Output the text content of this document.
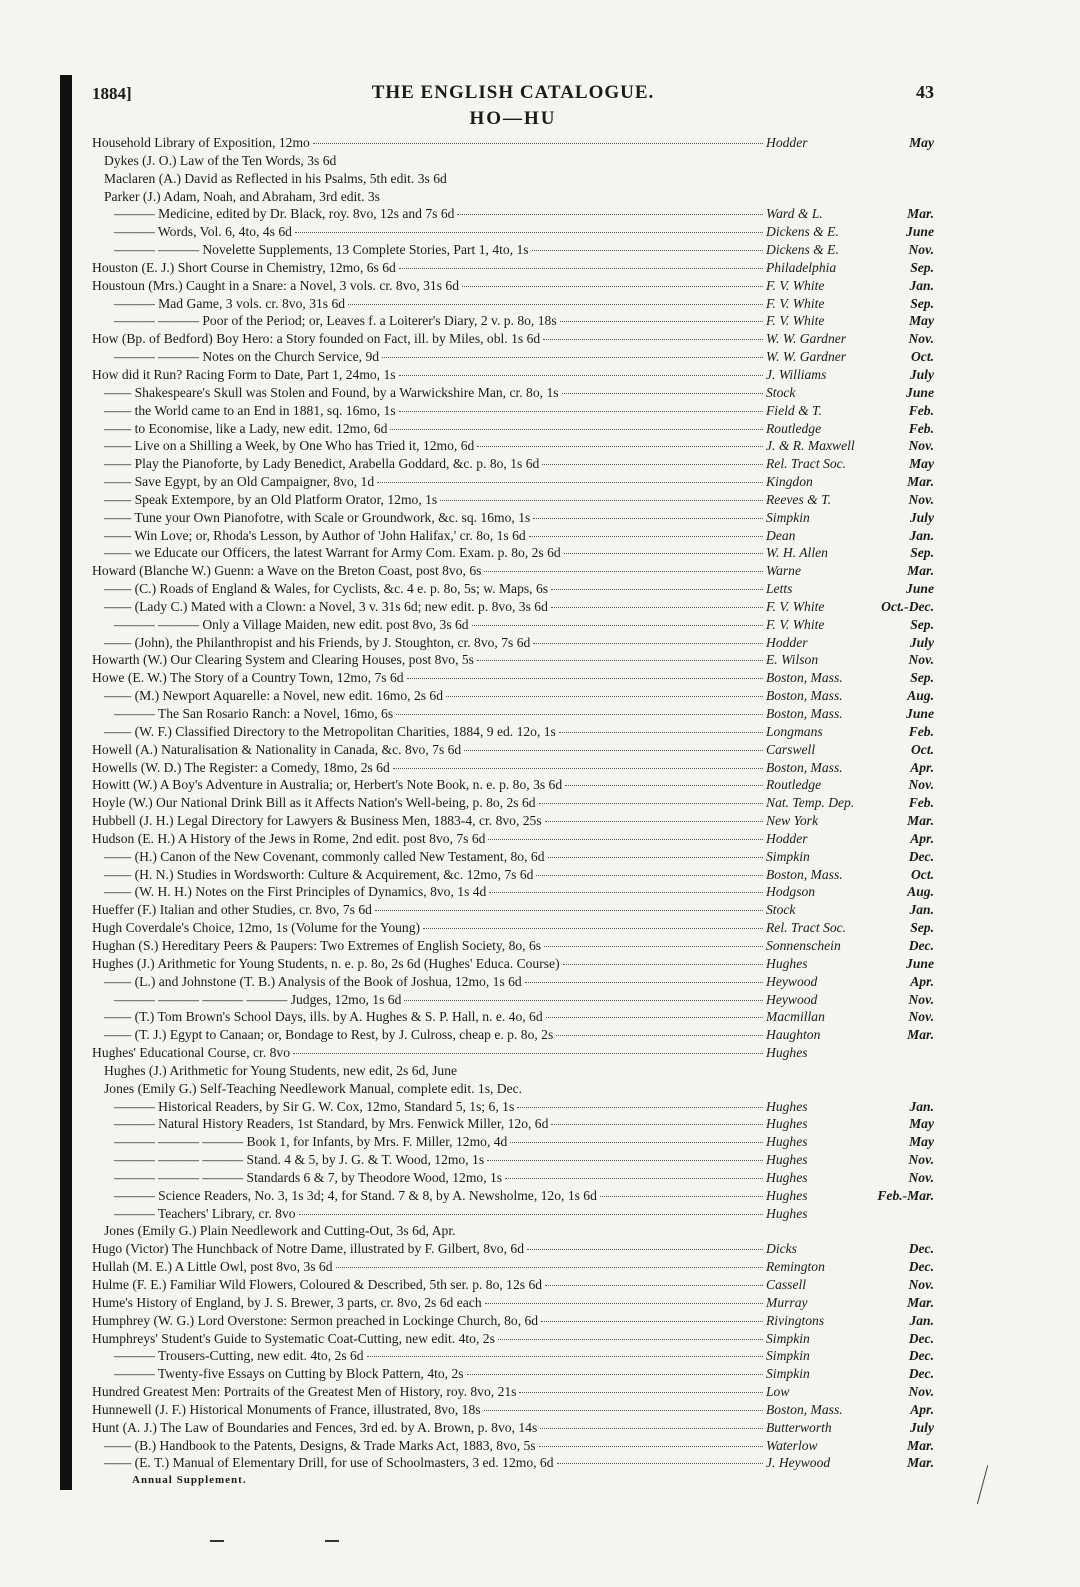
1884]	THE ENGLISH CATALOGUE.	43
HO—HU
Household Library of Exposition, 12mo	Hodder	May
Dykes (J. O.) Law of the Ten Words, 3s 6d
Maclaren (A.) David as Reflected in his Psalms, 5th edit. 3s 6d
Parker (J.) Adam, Noah, and Abraham, 3rd edit. 3s
——— Medicine, edited by Dr. Black, roy. 8vo, 12s and 7s 6d	Ward & L.	Mar.
——— Words, Vol. 6, 4to, 4s 6d	Dickens & E.	June
——— ——— Novelette Supplements, 13 Complete Stories, Part 1, 4to, 1s	Dickens & E.	Nov.
Houston (E. J.) Short Course in Chemistry, 12mo, 6s 6d	Philadelphia	Sep.
Houstoun (Mrs.) Caught in a Snare: a Novel, 3 vols. cr. 8vo, 31s 6d	F. V. White	Jan.
——— Mad Game, 3 vols. cr. 8vo, 31s 6d	F. V. White	Sep.
——— ——— Poor of the Period; or, Leaves f. a Loiterer's Diary, 2 v. p. 8o, 18s	F. V. White	May
How (Bp. of Bedford) Boy Hero: a Story founded on Fact, ill. by Miles, obl. 1s 6d	W. W. Gardner	Nov.
——— ——— Notes on the Church Service, 9d	W. W. Gardner	Oct.
How did it Run? Racing Form to Date, Part 1, 24mo, 1s	J. Williams	July
—— Shakespeare's Skull was Stolen and Found, by a Warwickshire Man, cr. 8o, 1s	Stock	June
—— the World came to an End in 1881, sq. 16mo, 1s	Field & T.	Feb.
—— to Economise, like a Lady, new edit. 12mo, 6d	Routledge	Feb.
—— Live on a Shilling a Week, by One Who has Tried it, 12mo, 6d	J. & R. Maxwell	Nov.
—— Play the Pianoforte, by Lady Benedict, Arabella Goddard, &c. p. 8o, 1s 6d	Rel. Tract Soc.	May
—— Save Egypt, by an Old Campaigner, 8vo, 1d	Kingdon	Mar.
—— Speak Extempore, by an Old Platform Orator, 12mo, 1s	Reeves & T.	Nov.
—— Tune your Own Pianofotre, with Scale or Groundwork, &c. sq. 16mo, 1s	Simpkin	July
—— Win Love; or, Rhoda's Lesson, by Author of 'John Halifax,' cr. 8o, 1s 6d	Dean	Jan.
—— we Educate our Officers, the latest Warrant for Army Com. Exam. p. 8o, 2s 6d	W. H. Allen	Sep.
Howard (Blanche W.) Guenn: a Wave on the Breton Coast, post 8vo, 6s	Warne	Mar.
—— (C.) Roads of England & Wales, for Cyclists, &c. 4 e. p. 8o, 5s; w. Maps, 6s	Letts	June
—— (Lady C.) Mated with a Clown: a Novel, 3 v. 31s 6d; new edit. p. 8vo, 3s 6d	F. V. White	Oct.-Dec.
——— ——— Only a Village Maiden, new edit. post 8vo, 3s 6d	F. V. White	Sep.
—— (John), the Philanthropist and his Friends, by J. Stoughton, cr. 8vo, 7s 6d	Hodder	July
Howarth (W.) Our Clearing System and Clearing Houses, post 8vo, 5s	E. Wilson	Nov.
Howe (E. W.) The Story of a Country Town, 12mo, 7s 6d	Boston, Mass.	Sep.
—— (M.) Newport Aquarelle: a Novel, new edit. 16mo, 2s 6d	Boston, Mass.	Aug.
——— The San Rosario Ranch: a Novel, 16mo, 6s	Boston, Mass.	June
—— (W. F.) Classified Directory to the Metropolitan Charities, 1884, 9 ed. 12o, 1s	Longmans	Feb.
Howell (A.) Naturalisation & Nationality in Canada, &c. 8vo, 7s 6d	Carswell	Oct.
Howells (W. D.) The Register: a Comedy, 18mo, 2s 6d	Boston, Mass.	Apr.
Howitt (W.) A Boy's Adventure in Australia; or, Herbert's Note Book, n. e. p. 8o, 3s 6d	Routledge	Nov.
Hoyle (W.) Our National Drink Bill as it Affects Nation's Well-being, p. 8o, 2s 6d	Nat. Temp. Dep.	Feb.
Hubbell (J. H.) Legal Directory for Lawyers & Business Men, 1883-4, cr. 8vo, 25s	New York	Mar.
Hudson (E. H.) A History of the Jews in Rome, 2nd edit. post 8vo, 7s 6d	Hodder	Apr.
—— (H.) Canon of the New Covenant, commonly called New Testament, 8o, 6d	Simpkin	Dec.
—— (H. N.) Studies in Wordsworth: Culture & Acquirement, &c. 12mo, 7s 6d	Boston, Mass.	Oct.
—— (W. H. H.) Notes on the First Principles of Dynamics, 8vo, 1s 4d	Hodgson	Aug.
Hueffer (F.) Italian and other Studies, cr. 8vo, 7s 6d	Stock	Jan.
Hugh Coverdale's Choice, 12mo, 1s (Volume for the Young)	Rel. Tract Soc.	Sep.
Hughan (S.) Hereditary Peers & Paupers: Two Extremes of English Society, 8o, 6s	Sonnenschein	Dec.
Hughes (J.) Arithmetic for Young Students, n. e. p. 8o, 2s 6d (Hughes' Educa. Course)	Hughes	June
—— (L.) and Johnstone (T. B.) Analysis of the Book of Joshua, 12mo, 1s 6d	Heywood	Apr.
——— ——— ——— ——— Judges, 12mo, 1s 6d	Heywood	Nov.
—— (T.) Tom Brown's School Days, ills. by A. Hughes & S. P. Hall, n. e. 4o, 6d	Macmillan	Nov.
—— (T. J.) Egypt to Canaan; or, Bondage to Rest, by J. Culross, cheap e. p. 8o, 2s	Haughton	Mar.
Hughes' Educational Course, cr. 8vo	Hughes
Hughes (J.) Arithmetic for Young Students, new edit, 2s 6d, June
Jones (Emily G.) Self-Teaching Needlework Manual, complete edit. 1s, Dec.
——— Historical Readers, by Sir G. W. Cox, 12mo, Standard 5, 1s; 6, 1s	Hughes	Jan.
——— Natural History Readers, 1st Standard, by Mrs. Fenwick Miller, 12o, 6d	Hughes	May
——— ——— ——— Book 1, for Infants, by Mrs. F. Miller, 12mo, 4d	Hughes	May
——— ——— ——— Stand. 4 & 5, by J. G. & T. Wood, 12mo, 1s	Hughes	Nov.
——— ——— ——— Standards 6 & 7, by Theodore Wood, 12mo, 1s	Hughes	Nov.
——— Science Readers, No. 3, 1s 3d; 4, for Stand. 7 & 8, by A. Newsholme, 12o, 1s 6d	Hughes	Feb.-Mar.
——— Teachers' Library, cr. 8vo	Hughes
Jones (Emily G.) Plain Needlework and Cutting-Out, 3s 6d, Apr.
Hugo (Victor) The Hunchback of Notre Dame, illustrated by F. Gilbert, 8vo, 6d	Dicks	Dec.
Hullah (M. E.) A Little Owl, post 8vo, 3s 6d	Remington	Dec.
Hulme (F. E.) Familiar Wild Flowers, Coloured & Described, 5th ser. p. 8o, 12s 6d	Cassell	Nov.
Hume's History of England, by J. S. Brewer, 3 parts, cr. 8vo, 2s 6d each	Murray	Mar.
Humphrey (W. G.) Lord Overstone: Sermon preached in Lockinge Church, 8o, 6d	Rivingtons	Jan.
Humphreys' Student's Guide to Systematic Coat-Cutting, new edit. 4to, 2s	Simpkin	Dec.
——— Trousers-Cutting, new edit. 4to, 2s 6d	Simpkin	Dec.
——— Twenty-five Essays on Cutting by Block Pattern, 4to, 2s	Simpkin	Dec.
Hundred Greatest Men: Portraits of the Greatest Men of History, roy. 8vo, 21s	Low	Nov.
Hunnewell (J. F.) Historical Monuments of France, illustrated, 8vo, 18s	Boston, Mass.	Apr.
Hunt (A. J.) The Law of Boundaries and Fences, 3rd ed. by A. Brown, p. 8vo, 14s	Butterworth	July
—— (B.) Handbook to the Patents, Designs, & Trade Marks Act, 1883, 8vo, 5s	Waterlow	Mar.
—— (E. T.) Manual of Elementary Drill, for use of Schoolmasters, 3 ed. 12mo, 6d	J. Heywood	Mar.
Annual Supplement.
